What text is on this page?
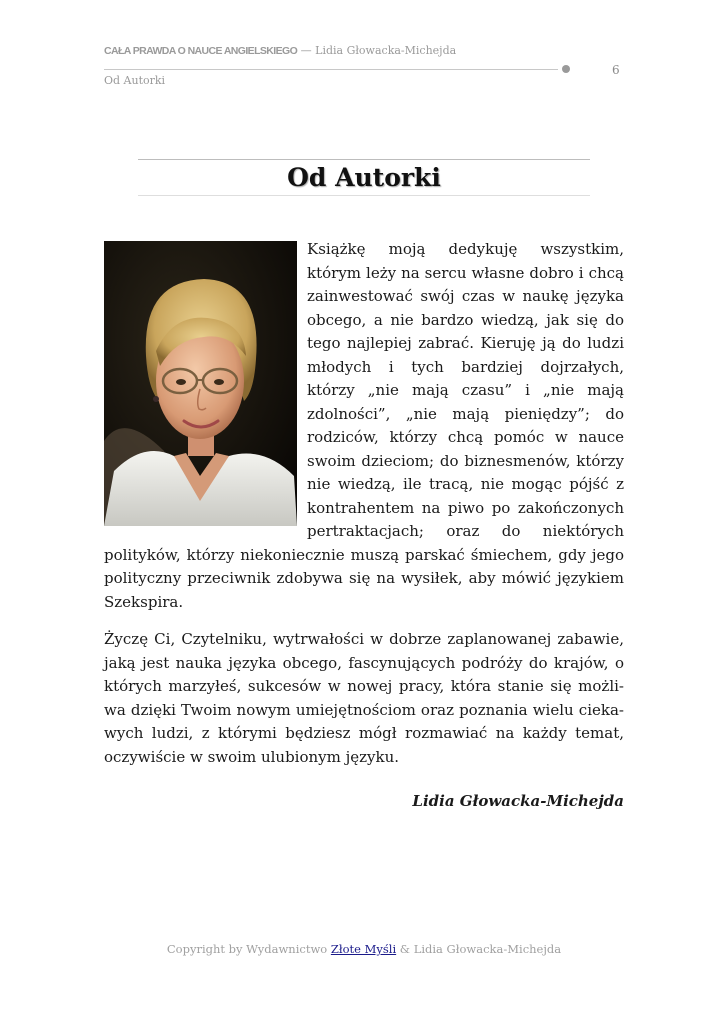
CAŁA PRAWDA O NAUCE ANGIELSKIEGO — Lidia Głowacka-Michejda
6
Od Autorki
Od Autorki

Książkę moją dedykuję wszystkim, którym leży na sercu własne dobro i chcą zainwestować swój czas w naukę języka obcego, a nie bardzo wiedzą, jak się do tego najlepiej zabrać. Kieruję ją do ludzi młodych i tych bardziej dojrzałych, którzy „nie mają czasu” i „nie mają zdolności”, „nie mają pieniędzy”; do rodziców, którzy chcą pomóc w nauce swoim dzieciom; do biznesmenów, którzy nie wiedzą, ile tracą, nie mogąc pójść z kontrahentem na piwo po zakończonych pertraktacjach; oraz do niektórych polityków, którzy niekoniecznie muszą parskać śmiechem, gdy jego polityczny przeciwnik zdobywa się na wysiłek, aby mówić językiem Szekspira.

Życzę Ci, Czytelniku, wytrwałości w dobrze zaplanowanej zabawie, jaką jest nauka języka obcego, fascynujących podróży do krajów, o których marzyłeś, sukcesów w nowej pracy, która stanie się możliwa dzięki Twoim nowym umiejętnościom oraz poznania wielu ciekawych ludzi, z którymi będziesz mógł rozmawiać na każdy temat, oczywiście w swoim ulubionym języku.

Lidia Głowacka-Michejda
Copyright by Wydawnictwo Złote Myśli & Lidia Głowacka-Michejda
